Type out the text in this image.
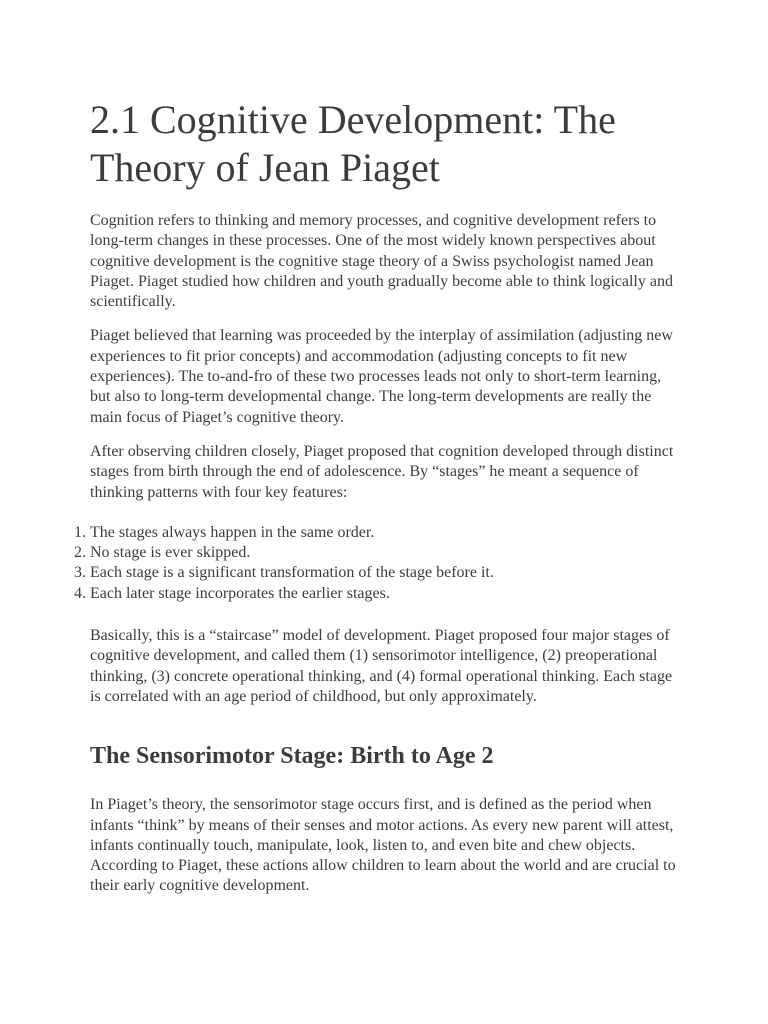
2.1 Cognitive Development: The
Theory of Jean Piaget

Cognition refers to thinking and memory processes, and cognitive development refers to long-term changes in these processes. One of the most widely known perspectives about cognitive development is the cognitive stage theory of a Swiss psychologist named Jean Piaget. Piaget studied how children and youth gradually become able to think logically and scientifically.

Piaget believed that learning was proceeded by the interplay of assimilation (adjusting new experiences to fit prior concepts) and accommodation (adjusting concepts to fit new experiences). The to-and-fro of these two processes leads not only to short-term learning, but also to long-term developmental change. The long-term developments are really the main focus of Piaget’s cognitive theory.

After observing children closely, Piaget proposed that cognition developed through distinct stages from birth through the end of adolescence. By “stages” he meant a sequence of thinking patterns with four key features:

1. The stages always happen in the same order.
2. No stage is ever skipped.
3. Each stage is a significant transformation of the stage before it.
4. Each later stage incorporates the earlier stages.

Basically, this is a “staircase” model of development. Piaget proposed four major stages of cognitive development, and called them (1) sensorimotor intelligence, (2) preoperational thinking, (3) concrete operational thinking, and (4) formal operational thinking. Each stage is correlated with an age period of childhood, but only approximately.

The Sensorimotor Stage: Birth to Age 2

In Piaget’s theory, the sensorimotor stage occurs first, and is defined as the period when infants “think” by means of their senses and motor actions. As every new parent will attest, infants continually touch, manipulate, look, listen to, and even bite and chew objects. According to Piaget, these actions allow children to learn about the world and are crucial to their early cognitive development.
